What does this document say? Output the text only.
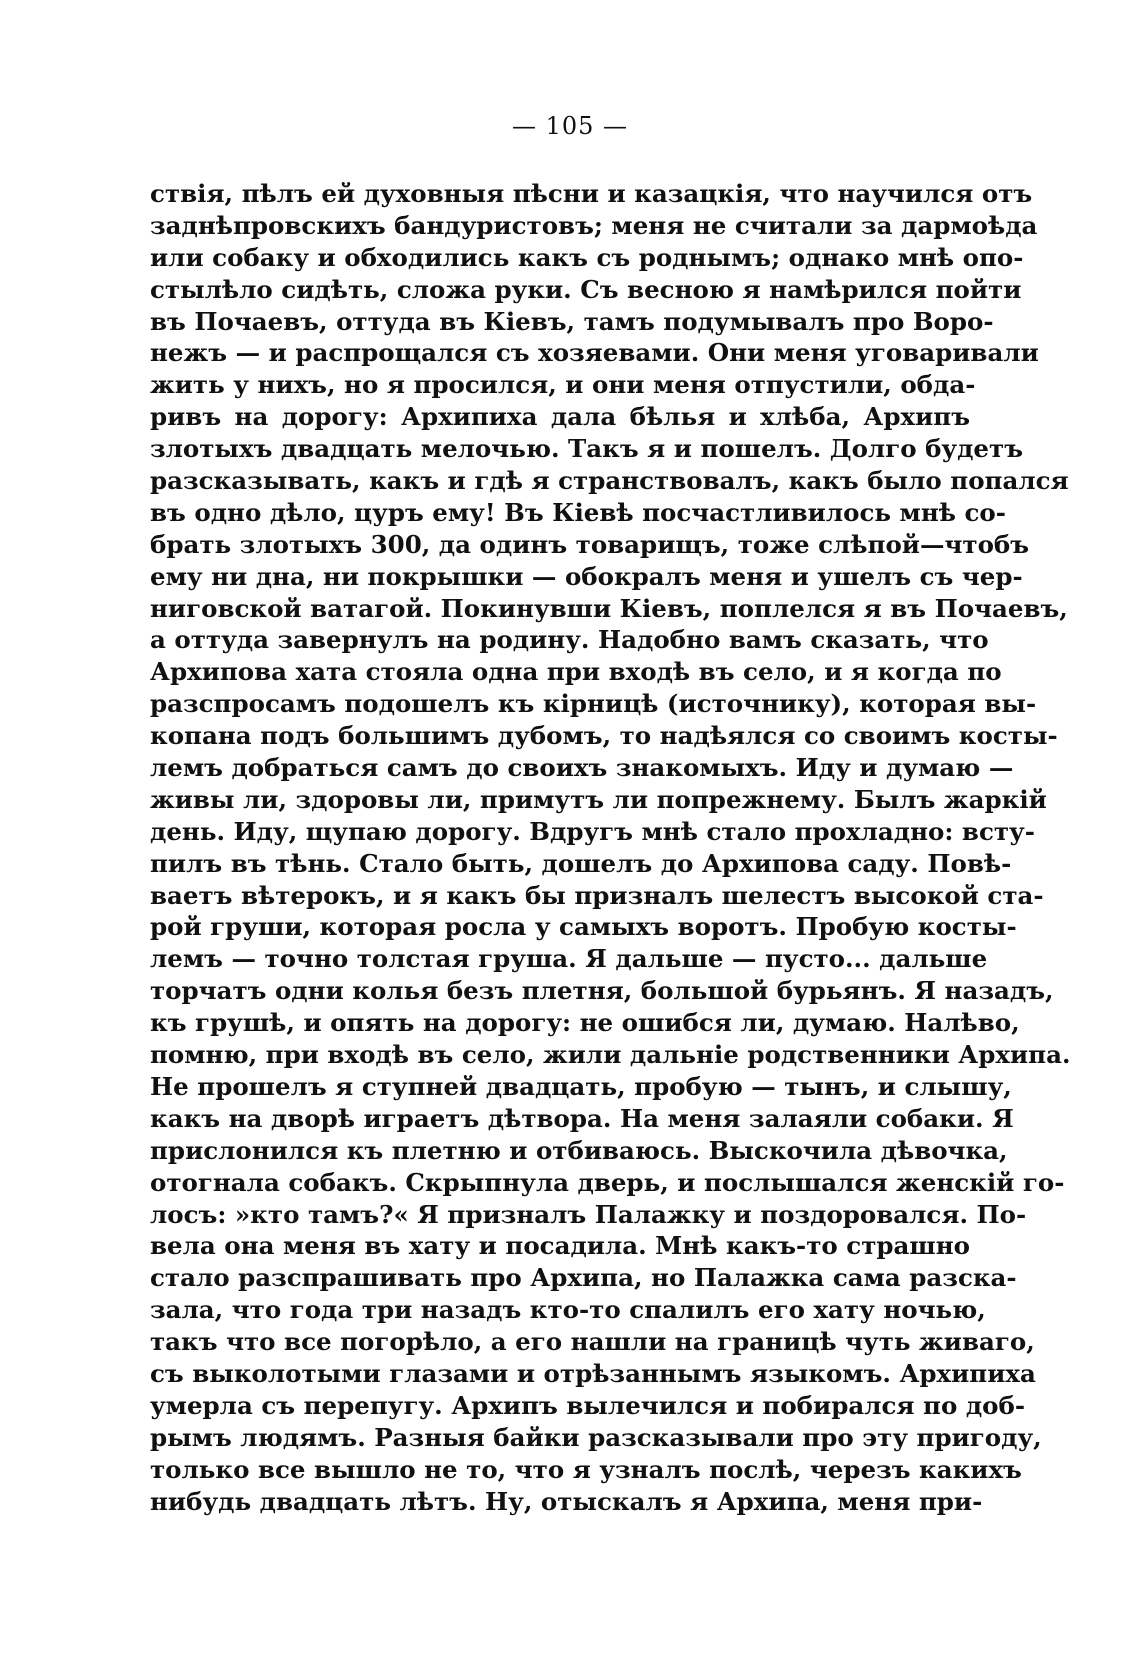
— 105 —
ствія, пѣлъ ей духовныя пѣсни и казацкія, что научился отъ
заднѣпровскихъ бандуристовъ; меня не считали за дармоѣда
или собаку и обходились какъ съ роднымъ; однако мнѣ опо-
стылѣло сидѣть, сложа руки. Съ весною я намѣрился пойти
въ Почаевъ, оттуда въ Кіевъ, тамъ подумывалъ про Воро-
нежъ — и распрощался съ хозяевами. Они меня уговаривали
жить у нихъ, но я просился, и они меня отпустили, обда-
ривъ на дорогу: Архипиха дала бѣлья и хлѣба, Архипъ
злотыхъ двадцать мелочью. Такъ я и пошелъ. Долго будетъ
разсказывать, какъ и гдѣ я странствовалъ, какъ было попался
въ одно дѣло, цуръ ему! Въ Кіевѣ посчастливилось мнѣ со-
брать злотыхъ 300, да одинъ товарищъ, тоже слѣпой—чтобъ
ему ни дна, ни покрышки — обокралъ меня и ушелъ съ чер-
ниговской ватагой. Покинувши Кіевъ, поплелся я въ Почаевъ,
а оттуда завернулъ на родину. Надобно вамъ сказать, что
Архипова хата стояла одна при входѣ въ село, и я когда по
разспросамъ подошелъ къ кірницѣ (источнику), которая вы-
копана подъ большимъ дубомъ, то надѣялся со своимъ косты-
лемъ добраться самъ до своихъ знакомыхъ. Иду и думаю —
живы ли, здоровы ли, примутъ ли попрежнему. Былъ жаркій
день. Иду, щупаю дорогу. Вдругъ мнѣ стало прохладно: всту-
пилъ въ тѣнь. Стало быть, дошелъ до Архипова саду. Повѣ-
ваетъ вѣтерокъ, и я какъ бы призналъ шелестъ высокой ста-
рой груши, которая росла у самыхъ воротъ. Пробую косты-
лемъ — точно толстая груша. Я дальше — пусто... дальше
торчатъ одни колья безъ плетня, большой бурьянъ. Я назадъ,
къ грушѣ, и опять на дорогу: не ошибся ли, думаю. Налѣво,
помню, при входѣ въ село, жили дальніе родственники Архипа.
Не прошелъ я ступней двадцать, пробую — тынъ, и слышу,
какъ на дворѣ играетъ дѣтвора. На меня залаяли собаки. Я
прислонился къ плетню и отбиваюсь. Выскочила дѣвочка,
отогнала собакъ. Скрыпнула дверь, и послышался женскій го-
лосъ: »кто тамъ?« Я призналъ Палажку и поздоровался. По-
вела она меня въ хату и посадила. Мнѣ какъ-то страшно
стало разспрашивать про Архипа, но Палажка сама разска-
зала, что года три назадъ кто-то спалилъ его хату ночью,
такъ что все погорѣло, а его нашли на границѣ чуть живаго,
съ выколотыми глазами и отрѣзаннымъ языкомъ. Архипиха
умерла съ перепугу. Архипъ вылечился и побирался по доб-
рымъ людямъ. Разныя байки разсказывали про эту пригоду,
только все вышло не то, что я узналъ послѣ, черезъ какихъ
нибудь двадцать лѣтъ. Ну, отыскалъ я Архипа, меня при-
